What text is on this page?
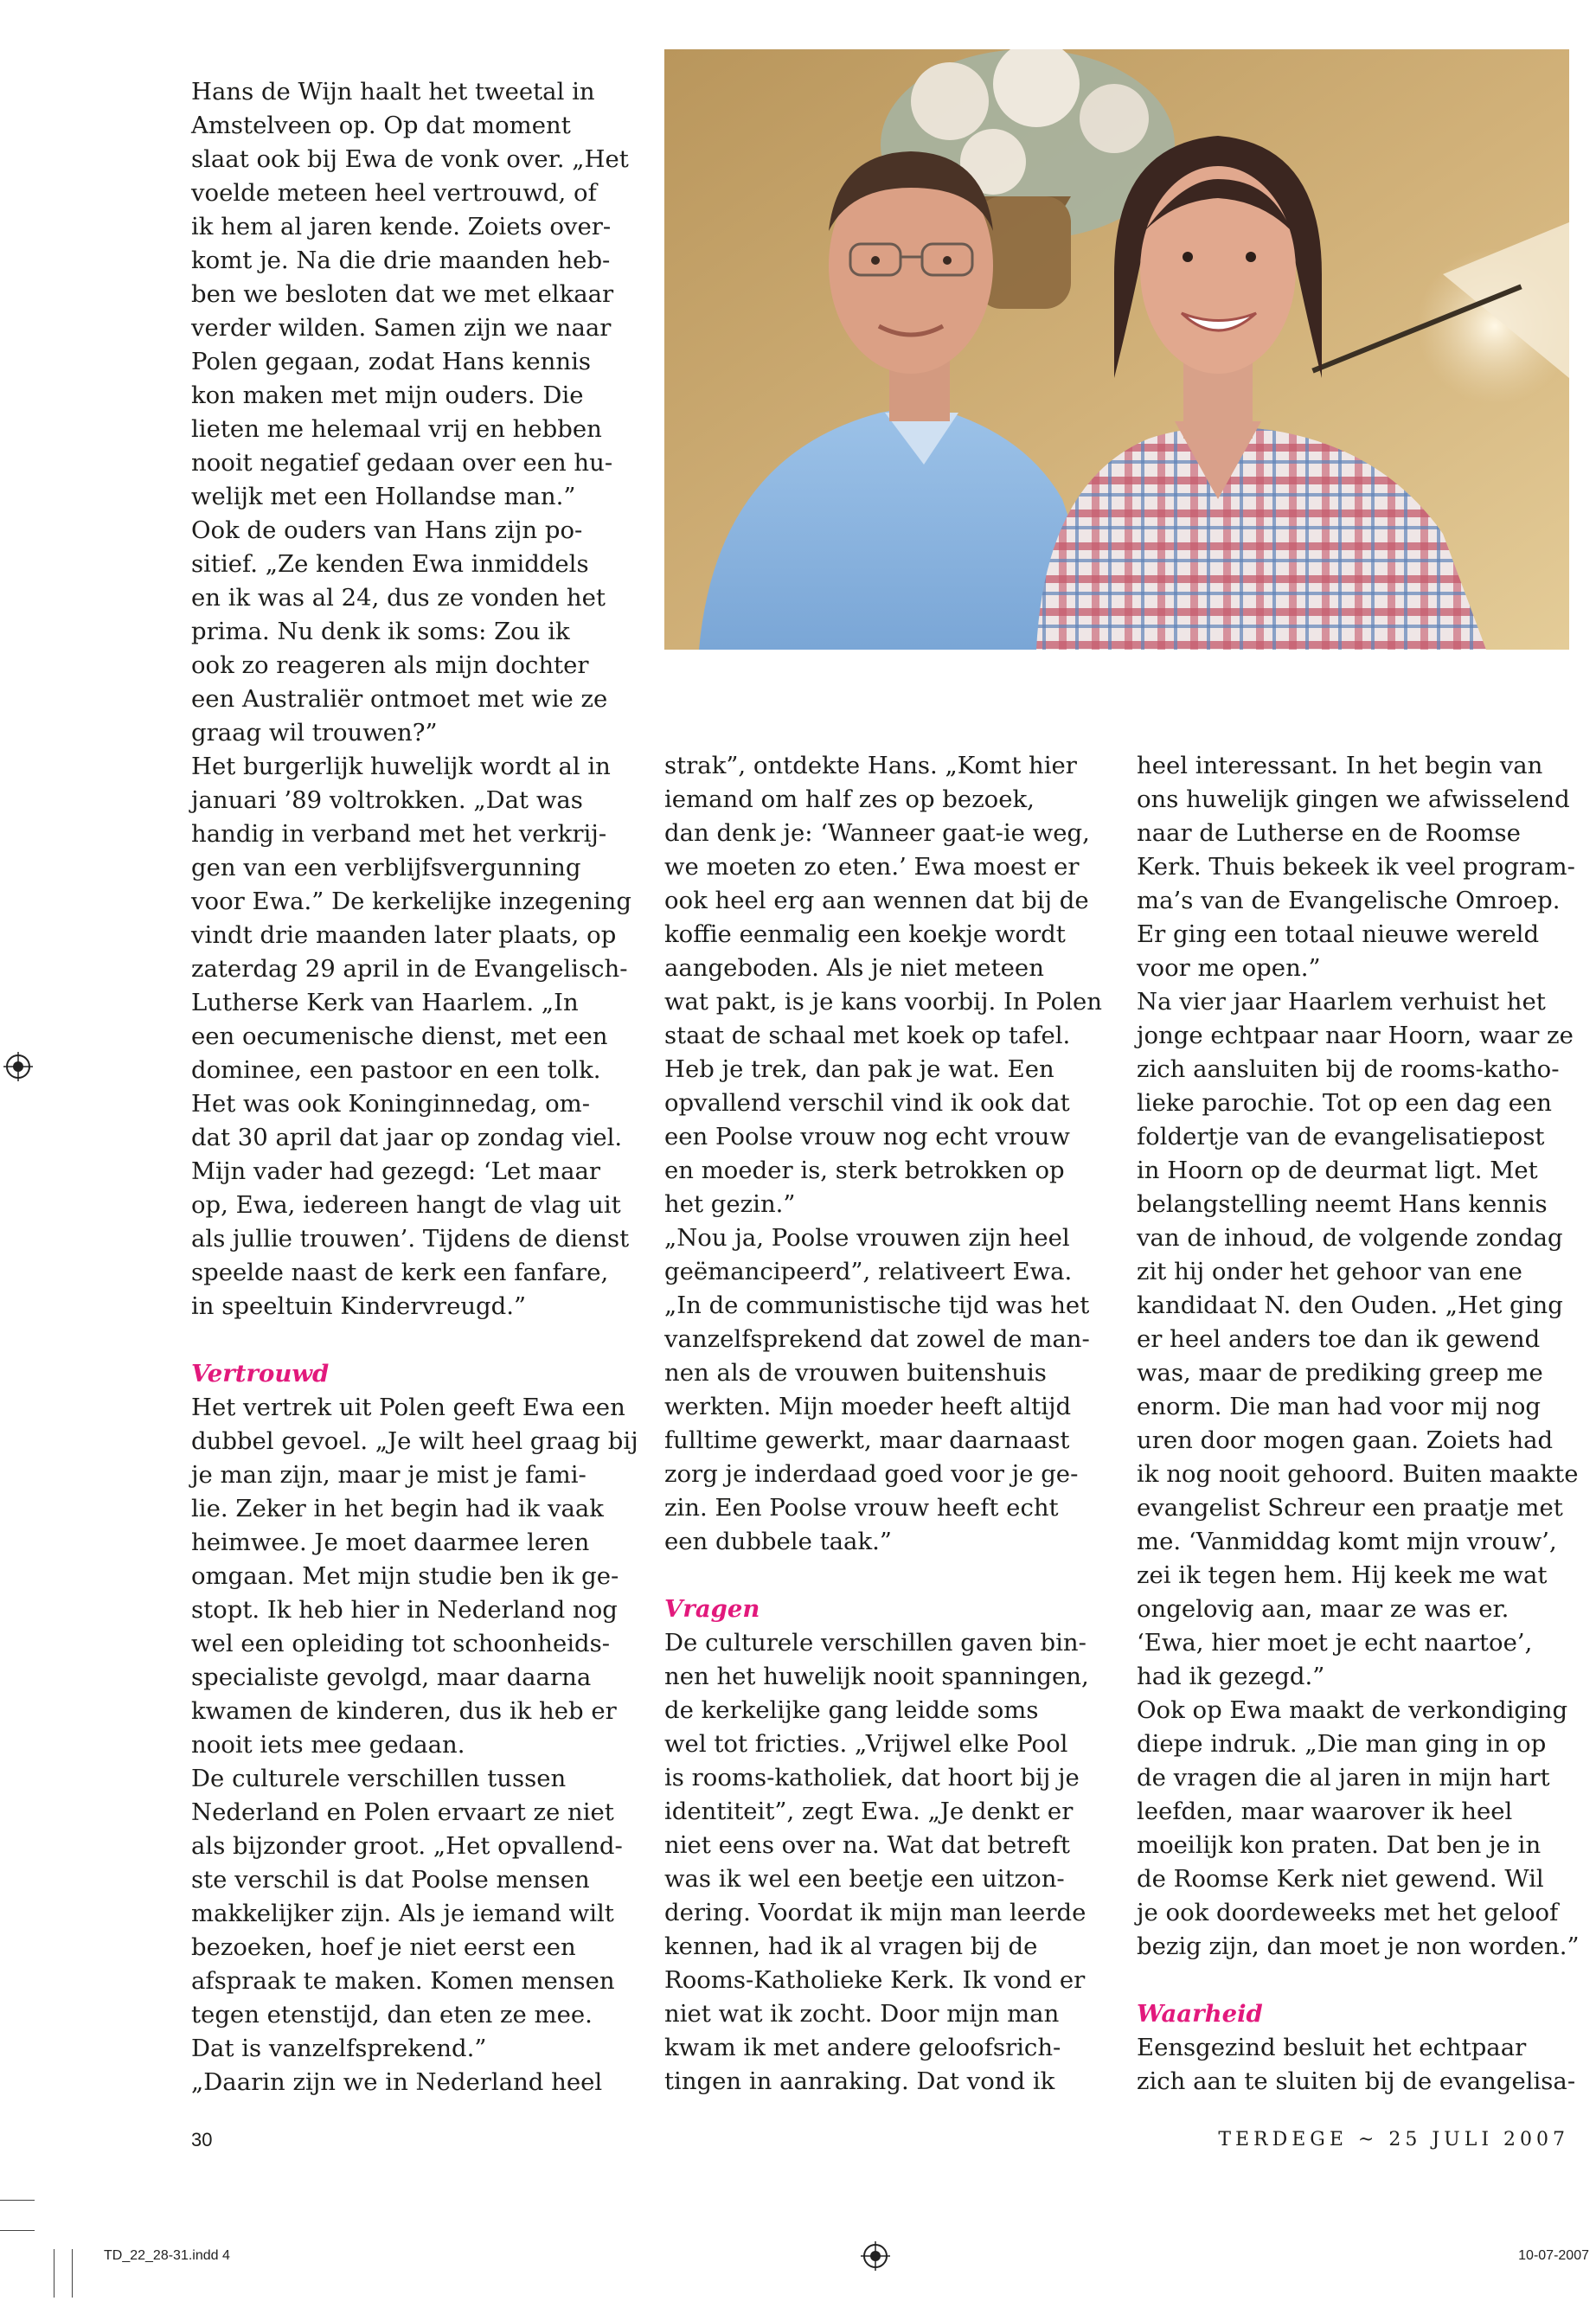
Hans de Wijn haalt het tweetal in

Amstelveen op. Op dat moment

slaat ook bij Ewa de vonk over. „Het

voelde meteen heel vertrouwd, of

ik hem al jaren kende. Zoiets over-

komt je. Na die drie maanden heb-

ben we besloten dat we met elkaar

verder wilden. Samen zijn we naar

Polen gegaan, zodat Hans kennis

kon maken met mijn ouders. Die

lieten me helemaal vrij en hebben

nooit negatief gedaan over een hu-

welijk met een Hollandse man.”

Ook de ouders van Hans zijn po-

sitief. „Ze kenden Ewa inmiddels

en ik was al 24, dus ze vonden het

prima. Nu denk ik soms: Zou ik

ook zo reageren als mijn dochter

een Australiër ontmoet met wie ze

graag wil trouwen?”

Het burgerlijk huwelijk wordt al in

januari ’89 voltrokken. „Dat was

handig in verband met het verkrij-

gen van een verblijfsvergunning

voor Ewa.” De kerkelijke inzegening

vindt drie maanden later plaats, op

zaterdag 29 april in de Evangelisch-

Lutherse Kerk van Haarlem. „In

een oecumenische dienst, met een

dominee, een pastoor en een tolk.

Het was ook Koninginnedag, om-

dat 30 april dat jaar op zondag viel.

Mijn vader had gezegd: ‘Let maar

op, Ewa, iedereen hangt de vlag uit

als jullie trouwen’. Tijdens de dienst

speelde naast de kerk een fanfare,

in speeltuin Kindervreugd.”

Vertrouwd

Het vertrek uit Polen geeft Ewa een

dubbel gevoel. „Je wilt heel graag bij

je man zijn, maar je mist je fami-

lie. Zeker in het begin had ik vaak

heimwee. Je moet daarmee leren

omgaan. Met mijn studie ben ik ge-

stopt. Ik heb hier in Nederland nog

wel een opleiding tot schoonheids-

specialiste gevolgd, maar daarna

kwamen de kinderen, dus ik heb er

nooit iets mee gedaan.

De culturele verschillen tussen

Nederland en Polen ervaart ze niet

als bijzonder groot. „Het opvallend-

ste verschil is dat Poolse mensen

makkelijker zijn. Als je iemand wilt

bezoeken, hoef je niet eerst een

afspraak te maken. Komen mensen

tegen etenstijd, dan eten ze mee.

Dat is vanzelfsprekend.”

„Daarin zijn we in Nederland heel

strak”, ontdekte Hans. „Komt hier

iemand om half zes op bezoek,

dan denk je: ‘Wanneer gaat-ie weg,

we moeten zo eten.’ Ewa moest er

ook heel erg aan wennen dat bij de

koffie eenmalig een koekje wordt

aangeboden. Als je niet meteen

wat pakt, is je kans voorbij. In Polen

staat de schaal met koek op tafel.

Heb je trek, dan pak je wat. Een

opvallend verschil vind ik ook dat

een Poolse vrouw nog echt vrouw

en moeder is, sterk betrokken op

het gezin.”

„Nou ja, Poolse vrouwen zijn heel

geëmancipeerd”, relativeert Ewa.

„In de communistische tijd was het

vanzelfsprekend dat zowel de man-

nen als de vrouwen buitenshuis

werkten. Mijn moeder heeft altijd

fulltime gewerkt, maar daarnaast

zorg je inderdaad goed voor je ge-

zin. Een Poolse vrouw heeft echt

een dubbele taak.”

Vragen

De culturele verschillen gaven bin-

nen het huwelijk nooit spanningen,

de kerkelijke gang leidde soms

wel tot fricties. „Vrijwel elke Pool

is rooms-katholiek, dat hoort bij je

identiteit”, zegt Ewa. „Je denkt er

niet eens over na. Wat dat betreft

was ik wel een beetje een uitzon-

dering. Voordat ik mijn man leerde

kennen, had ik al vragen bij de

Rooms-Katholieke Kerk. Ik vond er

niet wat ik zocht. Door mijn man

kwam ik met andere geloofsrich-

tingen in aanraking. Dat vond ik

heel interessant. In het begin van

ons huwelijk gingen we afwisselend

naar de Lutherse en de Roomse

Kerk. Thuis bekeek ik veel program-

ma’s van de Evangelische Omroep.

Er ging een totaal nieuwe wereld

voor me open.”

Na vier jaar Haarlem verhuist het

jonge echtpaar naar Hoorn, waar ze

zich aansluiten bij de rooms-katho-

lieke parochie. Tot op een dag een

foldertje van de evangelisatiepost

in Hoorn op de deurmat ligt. Met

belangstelling neemt Hans kennis

van de inhoud, de volgende zondag

zit hij onder het gehoor van ene

kandidaat N. den Ouden. „Het ging

er heel anders toe dan ik gewend

was, maar de prediking greep me

enorm. Die man had voor mij nog

uren door mogen gaan. Zoiets had

ik nog nooit gehoord. Buiten maakte

evangelist Schreur een praatje met

me. ‘Vanmiddag komt mijn vrouw’,

zei ik tegen hem. Hij keek me wat

ongelovig aan, maar ze was er.

‘Ewa, hier moet je echt naartoe’,

had ik gezegd.”

Ook op Ewa maakt de verkondiging

diepe indruk. „Die man ging in op

de vragen die al jaren in mijn hart

leefden, maar waarover ik heel

moeilijk kon praten. Dat ben je in

de Roomse Kerk niet gewend. Wil

je ook doordeweeks met het geloof

bezig zijn, dan moet je non worden.”

Waarheid

Eensgezind besluit het echtpaar

zich aan te sluiten bij de evangelisa-

30	TERDEGE ~ 25 JULI 2007
TD_22_28-31.indd 4	10-07-2007
